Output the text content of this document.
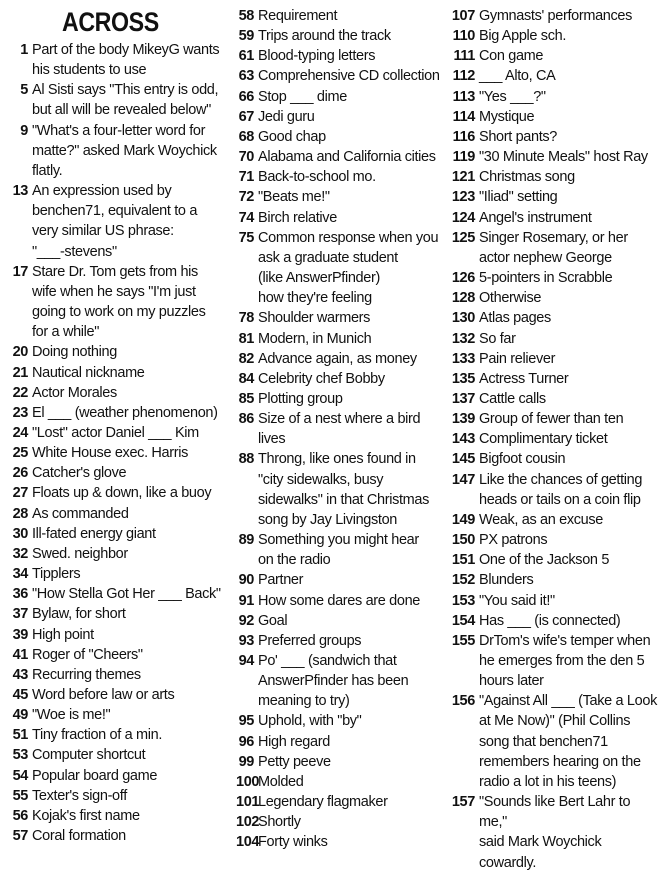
ACROSS
1 Part of the body MikeyG wants
his students to use
5 Al Sisti says "This entry is odd,
but all will be revealed below"
9 "What's a four-letter word for
matte?" asked Mark Woychick
flatly.
13 An expression used by
benchen71, equivalent to a
very similar US phrase:
"___-stevens"
17 Stare Dr. Tom gets from his
wife when he says "I'm just
going to work on my puzzles
for a while"
20 Doing nothing
21 Nautical nickname
22 Actor Morales
23 El ___ (weather phenomenon)
24 "Lost" actor Daniel ___ Kim
25 White House exec. Harris
26 Catcher's glove
27 Floats up & down, like a buoy
28 As commanded
30 Ill-fated energy giant
32 Swed. neighbor
34 Tipplers
36 "How Stella Got Her ___ Back"
37 Bylaw, for short
39 High point
41 Roger of "Cheers"
43 Recurring themes
45 Word before law or arts
49 "Woe is me!"
51 Tiny fraction of a min.
53 Computer shortcut
54 Popular board game
55 Texter's sign-off
56 Kojak's first name
57 Coral formation
58 Requirement
59 Trips around the track
61 Blood-typing letters
63 Comprehensive CD collection
66 Stop ___ dime
67 Jedi guru
68 Good chap
70 Alabama and California cities
71 Back-to-school mo.
72 "Beats me!"
74 Birch relative
75 Common response when you
ask a graduate student
(like AnswerPfinder)
how they're feeling
78 Shoulder warmers
81 Modern, in Munich
82 Advance again, as money
84 Celebrity chef Bobby
85 Plotting group
86 Size of a nest where a bird
lives
88 Throng, like ones found in
"city sidewalks, busy
sidewalks" in that Christmas
song by Jay Livingston
89 Something you might hear
on the radio
90 Partner
91 How some dares are done
92 Goal
93 Preferred groups
94 Po' ___ (sandwich that
AnswerPfinder has been
meaning to try)
95 Uphold, with "by"
96 High regard
99 Petty peeve
100
Molded
101
Legendary flagmaker
102
Shortly
104
Forty winks
107 Gymnasts' performances
110 Big Apple sch.
111 Con game
112 ___ Alto, CA
113 "Yes ___?"
114 Mystique
116 Short pants?
119 "30 Minute Meals" host Ray
121 Christmas song
123 "Iliad" setting
124 Angel's instrument
125 Singer Rosemary, or her
actor nephew George
126 5-pointers in Scrabble
128 Otherwise
130 Atlas pages
132 So far
133 Pain reliever
135 Actress Turner
137 Cattle calls
139 Group of fewer than ten
143 Complimentary ticket
145 Bigfoot cousin
147 Like the chances of getting
heads or tails on a coin flip
149 Weak, as an excuse
150 PX patrons
151 One of the Jackson 5
152 Blunders
153 "You said it!"
154 Has ___ (is connected)
155 DrTom's wife's temper when
he emerges from the den 5
hours later
156 "Against All ___ (Take a Look
at Me Now)" (Phil Collins
song that benchen71
remembers hearing on the
radio a lot in his teens)
157 "Sounds like Bert Lahr to me,"
said Mark Woychick
cowardly.
